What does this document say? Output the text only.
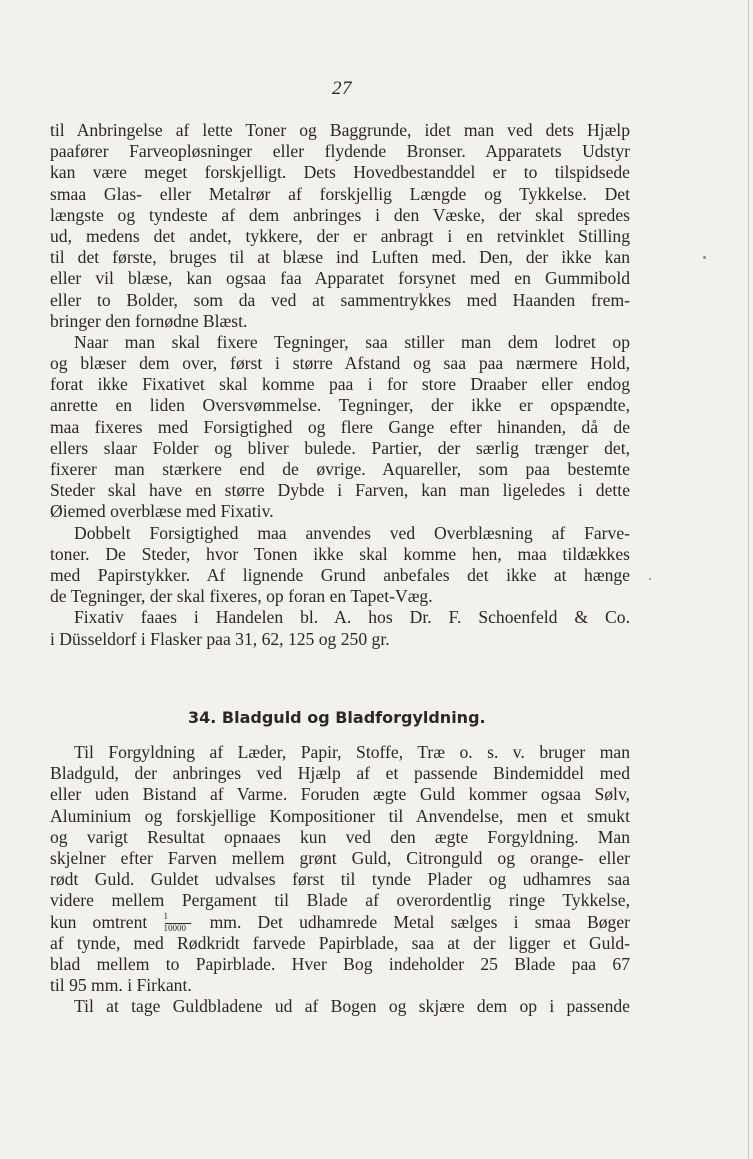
27
til Anbringelse af lette Toner og Baggrunde, idet man ved dets Hjælp
paafører Farveopløsninger eller flydende Bronser. Apparatets Udstyr
kan være meget forskjelligt. Dets Hovedbestanddel er to tilspidsede
smaa Glas- eller Metalrør af forskjellig Længde og Tykkelse. Det
længste og tyndeste af dem anbringes i den Væske, der skal spredes
ud, medens det andet, tykkere, der er anbragt i en retvinklet Stilling
til det første, bruges til at blæse ind Luften med. Den, der ikke kan
eller vil blæse, kan ogsaa faa Apparatet forsynet med en Gummibold
eller to Bolder, som da ved at sammentrykkes med Haanden frem-
bringer den fornødne Blæst.
Naar man skal fixere Tegninger, saa stiller man dem lodret op
og blæser dem over, først i større Afstand og saa paa nærmere Hold,
forat ikke Fixativet skal komme paa i for store Draaber eller endog
anrette en liden Oversvømmelse. Tegninger, der ikke er opspændte,
maa fixeres med Forsigtighed og flere Gange efter hinanden, då de
ellers slaar Folder og bliver bulede. Partier, der særlig trænger det,
fixerer man stærkere end de øvrige. Aquareller, som paa bestemte
Steder skal have en større Dybde i Farven, kan man ligeledes i dette
Øiemed overblæse med Fixativ.
Dobbelt Forsigtighed maa anvendes ved Overblæsning af Farve-
toner. De Steder, hvor Tonen ikke skal komme hen, maa tildækkes
med Papirstykker. Af lignende Grund anbefales det ikke at hænge
de Tegninger, der skal fixeres, op foran en Tapet-Væg.
Fixativ faaes i Handelen bl. A. hos Dr. F. Schoenfeld & Co.
i Düsseldorf i Flasker paa 31, 62, 125 og 250 gr.
34. Bladguld og Bladforgyldning.
Til Forgyldning af Læder, Papir, Stoffe, Træ o. s. v. bruger man
Bladguld, der anbringes ved Hjælp af et passende Bindemiddel med
eller uden Bistand af Varme. Foruden ægte Guld kommer ogsaa Sølv,
Aluminium og forskjellige Kompositioner til Anvendelse, men et smukt
og varigt Resultat opnaaes kun ved den ægte Forgyldning. Man
skjelner efter Farven mellem grønt Guld, Citronguld og orange- eller
rødt Guld. Guldet udvalses først til tynde Plader og udhamres saa
videre mellem Pergament til Blade af overordentlig ringe Tykkelse,
kun omtrent $\frac{1}{10000}$ mm. Det udhamrede Metal sælges i smaa Bøger
af tynde, med Rødkridt farvede Papirblade, saa at der ligger et Guld-
blad mellem to Papirblade. Hver Bog indeholder 25 Blade paa 67
til 95 mm. i Firkant.
Til at tage Guldbladene ud af Bogen og skjære dem op i passende
